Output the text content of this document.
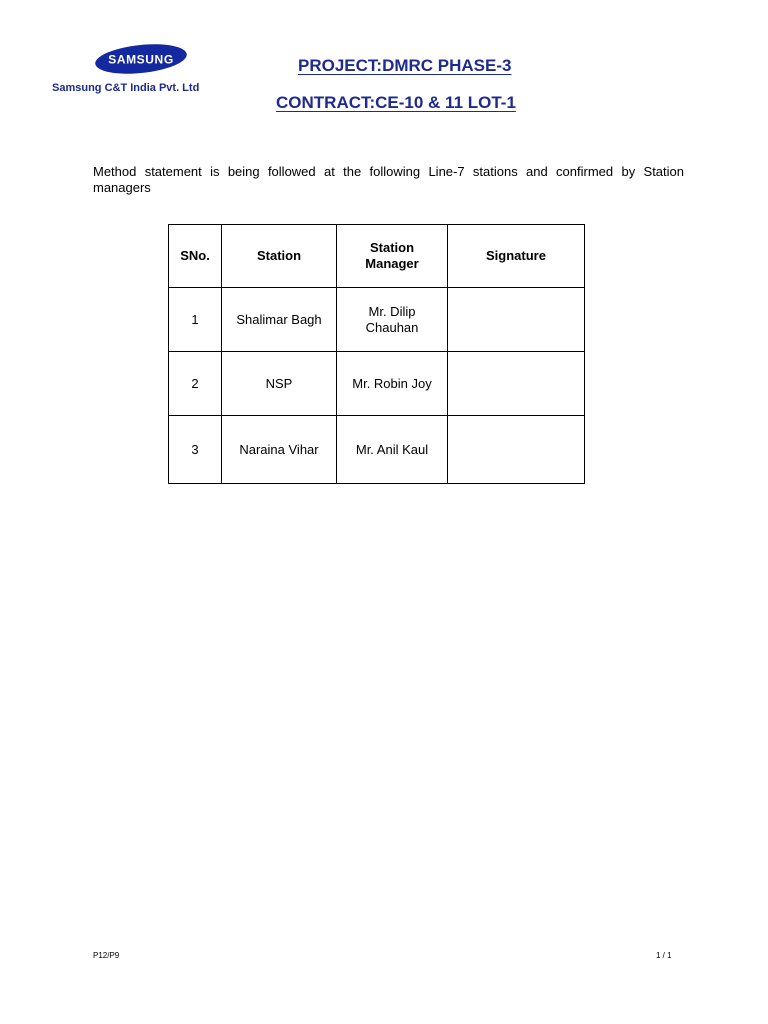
SAMSUNG
Samsung C&T India Pvt. Ltd
PROJECT:DMRC PHASE-3
CONTRACT:CE-10 & 11 LOT-1
Method statement is being followed at the following Line-7 stations and confirmed by Station managers
SNo.	Station	Station Manager	Signature
1	Shalimar Bagh	Mr. Dilip Chauhan	
2	NSP	Mr. Robin Joy	
3	Naraina Vihar	Mr. Anil Kaul	
P12/P9	1 / 1
